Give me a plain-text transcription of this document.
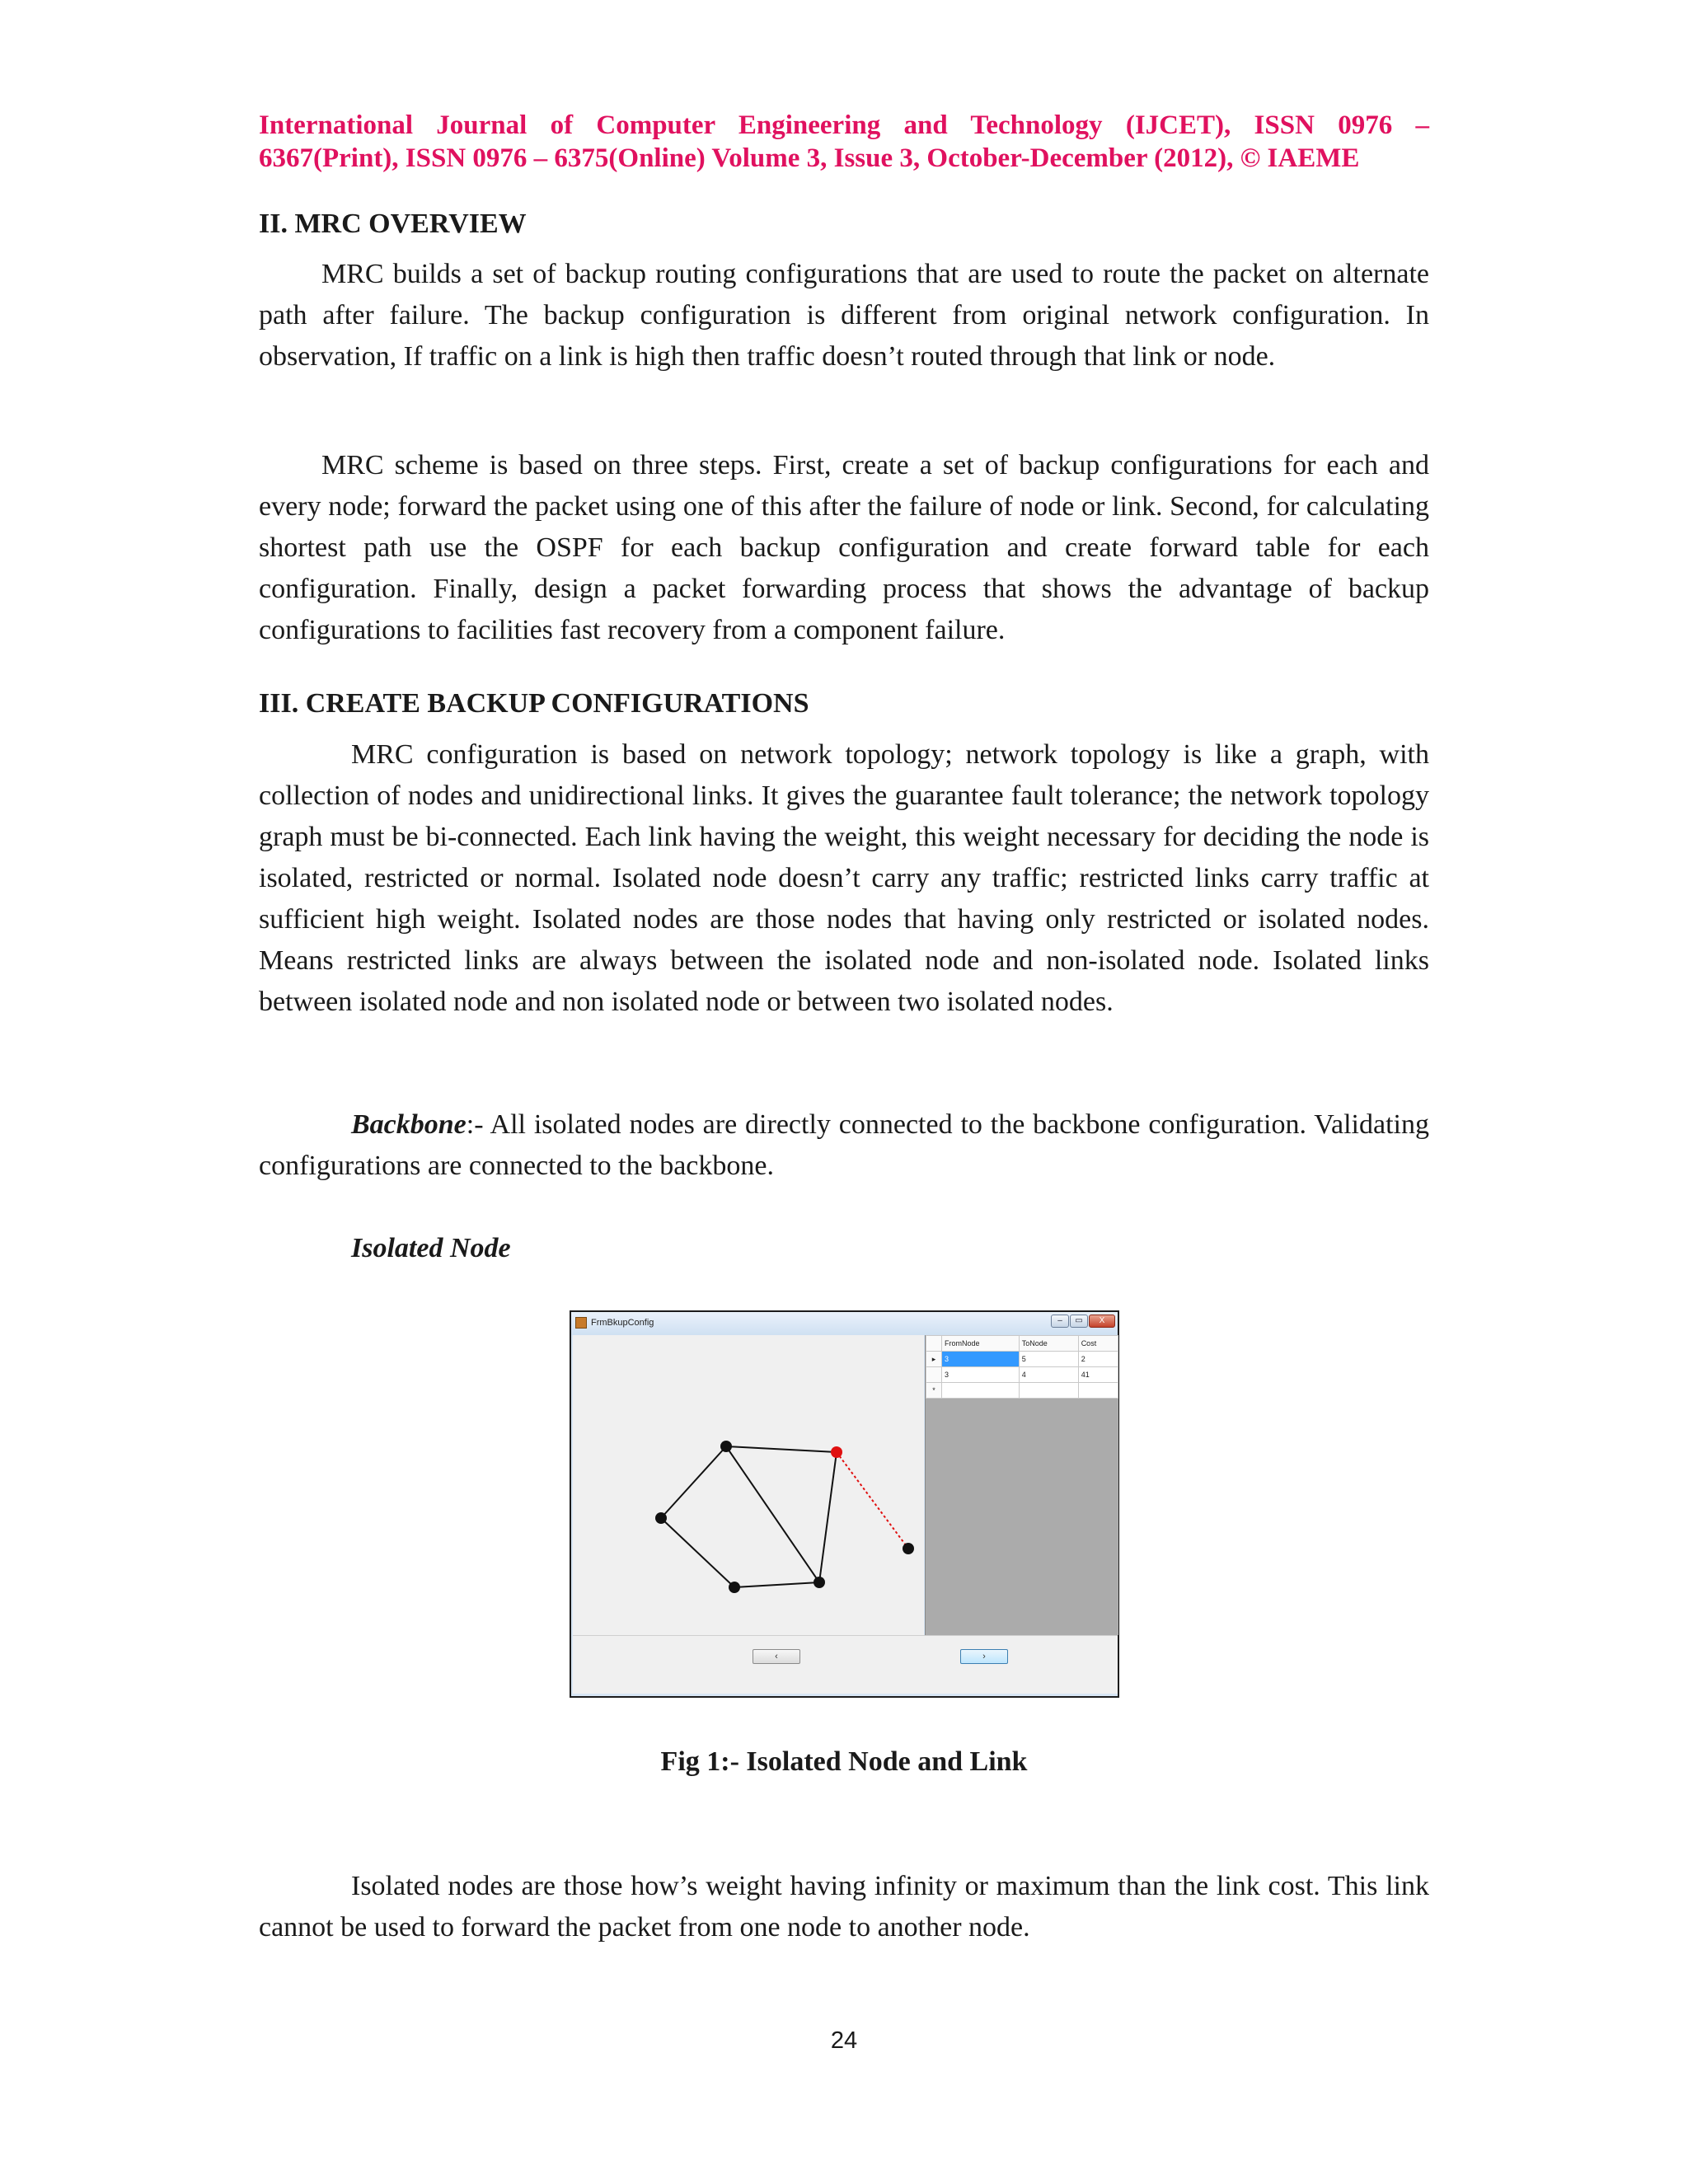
International Journal of Computer Engineering and Technology (IJCET), ISSN 0976 –
6367(Print), ISSN 0976 – 6375(Online) Volume 3, Issue 3, October-December (2012), © IAEME
II. MRC OVERVIEW
MRC builds a set of backup routing configurations that are used to route the packet on alternate path after failure. The backup configuration is different from original network configuration. In observation, If traffic on a link is high then traffic doesn’t routed through that link or node.
MRC scheme is based on three steps. First, create a set of backup configurations for each and every node; forward the packet using one of this after the failure of node or link. Second, for calculating shortest path use the OSPF for each backup configuration and create forward table for each configuration. Finally, design a packet forwarding process that shows the advantage of backup configurations to facilities fast recovery from a component failure.
III. CREATE BACKUP CONFIGURATIONS
MRC configuration is based on network topology; network topology is like a graph, with collection of nodes and unidirectional links. It gives the guarantee fault tolerance; the network topology graph must be bi-connected. Each link having the weight, this weight necessary for deciding the node is isolated, restricted or normal. Isolated node doesn’t carry any traffic; restricted links carry traffic at sufficient high weight. Isolated nodes are those nodes that having only restricted or isolated nodes. Means restricted links are always between the isolated node and non-isolated node. Isolated links between isolated node and non isolated node or between two isolated nodes.
Backbone:- All isolated nodes are directly connected to the backbone configuration. Validating configurations are connected to the backbone.
Isolated Node
FrmBkupConfig	‒	▭	X
	FromNode	ToNode	Cost
▸	3	5	2
	3	4	41
*			
‹	›
Fig 1:- Isolated Node and Link
Isolated nodes are those how’s weight having infinity or maximum than the link cost. This link cannot be used to forward the packet from one node to another node.
24
